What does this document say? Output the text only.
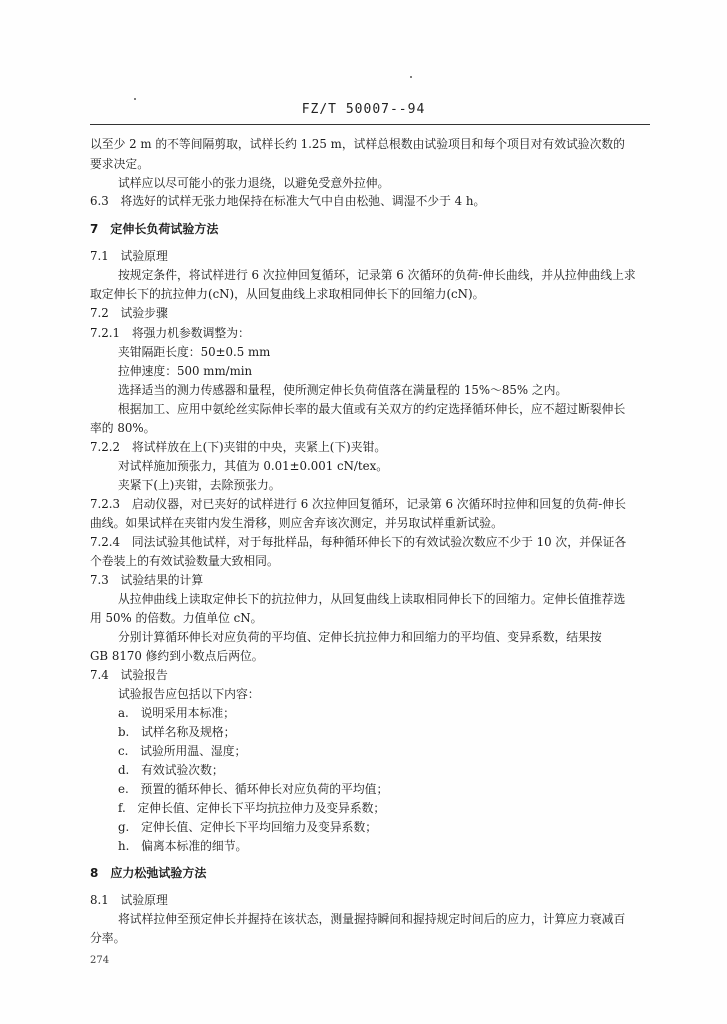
FZ/T 50007--94
以至少 2 m 的不等间隔剪取，试样长约 1.25 m，试样总根数由试验项目和每个项目对有效试验次数的
要求决定。
试样应以尽可能小的张力退绕，以避免受意外拉伸。
6.3　将选好的试样无张力地保持在标准大气中自由松弛、调湿不少于 4 h。
7　定伸长负荷试验方法
7.1　试验原理
按规定条件，将试样进行 6 次拉伸回复循环，记录第 6 次循环的负荷-伸长曲线，并从拉伸曲线上求
取定伸长下的抗拉伸力(cN)，从回复曲线上求取相同伸长下的回缩力(cN)。
7.2　试验步骤
7.2.1　将强力机参数调整为：
夹钳隔距长度：50±0.5 mm
拉伸速度：500 mm/min
选择适当的测力传感器和量程，使所测定伸长负荷值落在满量程的 15%～85% 之内。
根据加工、应用中氨纶丝实际伸长率的最大值或有关双方的约定选择循环伸长，应不超过断裂伸长
率的 80%。
7.2.2　将试样放在上(下)夹钳的中央，夹紧上(下)夹钳。
对试样施加预张力，其值为 0.01±0.001 cN/tex。
夹紧下(上)夹钳，去除预张力。
7.2.3　启动仪器，对已夹好的试样进行 6 次拉伸回复循环，记录第 6 次循环时拉伸和回复的负荷-伸长
曲线。如果试样在夹钳内发生滑移，则应舍弃该次测定，并另取试样重新试验。
7.2.4　同法试验其他试样，对于每批样品，每种循环伸长下的有效试验次数应不少于 10 次，并保证各
个卷装上的有效试验数量大致相同。
7.3　试验结果的计算
从拉伸曲线上读取定伸长下的抗拉伸力，从回复曲线上读取相同伸长下的回缩力。定伸长值推荐选
用 50% 的倍数。力值单位 cN。
分别计算循环伸长对应负荷的平均值、定伸长抗拉伸力和回缩力的平均值、变异系数，结果按
GB 8170 修约到小数点后两位。
7.4　试验报告
试验报告应包括以下内容：
a.　说明采用本标准；
b.　试样名称及规格；
c.　试验所用温、湿度；
d.　有效试验次数；
e.　预置的循环伸长、循环伸长对应负荷的平均值；
f.　定伸长值、定伸长下平均抗拉伸力及变异系数；
g.　定伸长值、定伸长下平均回缩力及变异系数；
h.　偏离本标准的细节。
8　应力松弛试验方法
8.1　试验原理
将试样拉伸至预定伸长并握持在该状态，测量握持瞬间和握持规定时间后的应力，计算应力衰减百
分率。
274
